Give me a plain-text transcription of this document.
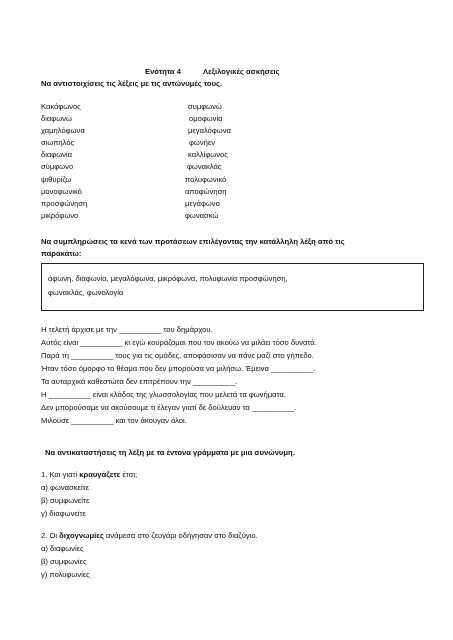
Ενότητα 4	Λεξιλογικές ασκήσεις
Να αντιστοιχίσεις τις λέξεις με τις αντώνυμές τους.
Κακόφωνος
διαφωνώ
χαμηλόφωνα
σιωπηλός
διαφωνία
σύμφωνο
ψιθυρίζω
μονοφωνικό
προσφώνηση
μικρόφωνο
συμφωνώ
ομοφωνία
μεγαλόφωνα
φωνήεν
καλλίφωνος
φωνακλάς
πολυφωνικό
αποφώνηση
μεγάφωνο
φωνασκώ
Να συμπληρώσεις τα κενά των προτάσεων επιλέγοντας την κατάλληλη λέξη από τις
παρακάτω:
άφωνη, διαφωνία, μεγαλόφωνα, μικρόφωνα, πολυφωνία προσφώνηση,
φωνακλάς, φωνολογία
Η τελετή άρχισε με την __________ του δημάρχου.
Αυτός είναι __________ κι εγώ κουράζομαι που τον ακούω να μιλάει τόσο δυνατά.
Παρά τη __________ τους για τις ομάδες, αποφάσισαν να πάνε μαζί στο γήπεδο.
Ήταν τόσο όμορφο το θέαμα που δεν μπορούσα να μιλήσω. Έμεινα __________.
Τα αυταρχικά καθεστώτα δεν επιτρέπουν την __________.
Η __________ είναι κλάδος της γλωσσολογίας που μελετά τα φωνήματα.
Δεν μπορούσαμε να ακούσουμε τι έλεγαν γιατί δε δούλευαν τα __________.
Μιλούσε __________ και τον άκουγαν όλοι.
Να αντικαταστήσεις τη λέξη με τα έντονα γράμματα με μια συνώνυμη.
1. Και γιατί κραυγάζετε έτσι;
α) φωνασκείτε
β) συμφωνείτε
γ) διαφωνείτε
2. Οι διχογνωμίες ανάμεσα στο ζευγάρι οδήγησαν στο διαζύγιο.
α) διαφωνίες
β) συμφωνίες
γ) πολυφωνίες
